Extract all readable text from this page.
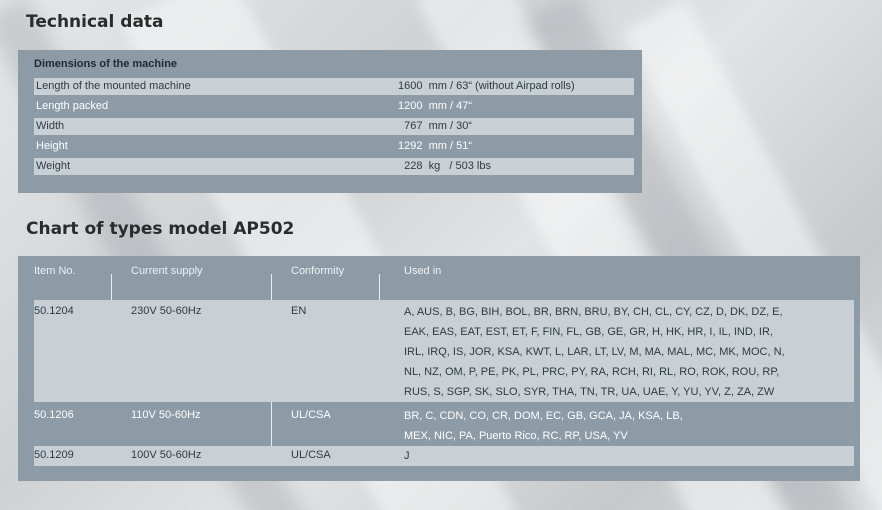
Technical data
Dimensions of the machine
Length of the mounted machine	1600  mm / 63“ (without Airpad rolls)
Length packed	1200  mm / 47“
Width	767  mm / 30“
Height	1292  mm / 51“
Weight	228  kg   / 503 lbs
Chart of types model AP502
Item No.	Current supply	Conformity	Used in
50.1204	230V 50-60Hz	EN	A, AUS, B, BG, BIH, BOL, BR, BRN, BRU, BY, CH, CL, CY, CZ, D, DK, DZ, E,
EAK, EAS, EAT, EST, ET, F, FIN, FL, GB, GE, GR, H, HK, HR, I, IL, IND, IR,
IRL, IRQ, IS, JOR, KSA, KWT, L, LAR, LT, LV, M, MA, MAL, MC, MK, MOC, N,
NL, NZ, OM, P, PE, PK, PL, PRC, PY, RA, RCH, RI, RL, RO, ROK, ROU, RP,
RUS, S, SGP, SK, SLO, SYR, THA, TN, TR, UA, UAE, Y, YU, YV, Z, ZA, ZW
50.1206	110V 50-60Hz	UL/CSA	BR, C, CDN, CO, CR, DOM, EC, GB, GCA, JA, KSA, LB,
MEX, NIC, PA, Puerto Rico, RC, RP, USA, YV
50.1209	100V 50-60Hz	UL/CSA	J
